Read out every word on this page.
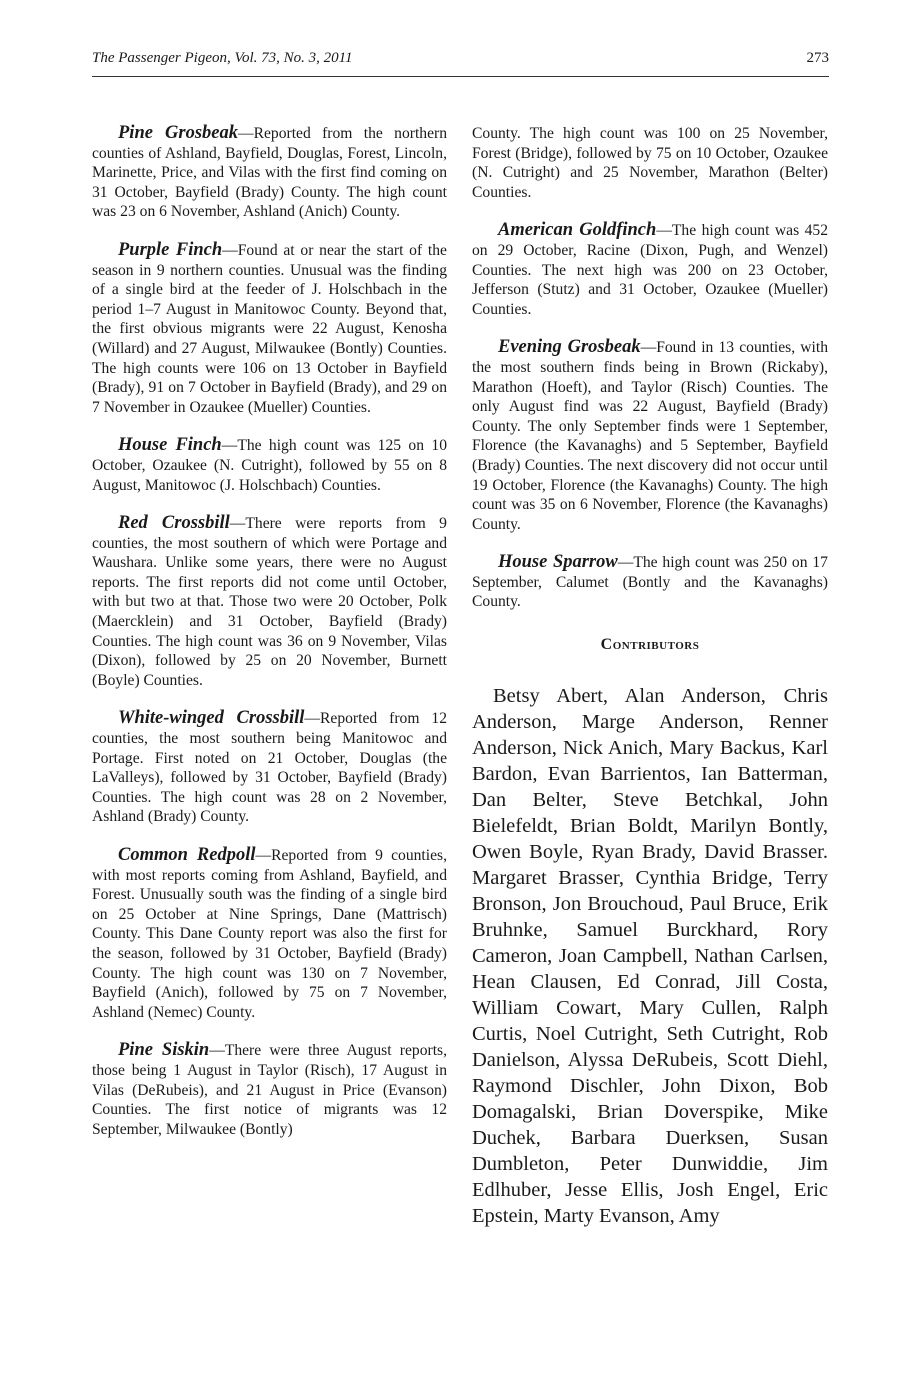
The Passenger Pigeon, Vol. 73, No. 3, 2011	273

Pine Grosbeak—Reported from the northern counties of Ashland, Bayfield, Douglas, Forest, Lincoln, Marinette, Price, and Vilas with the first find coming on 31 October, Bayfield (Brady) County. The high count was 23 on 6 November, Ashland (Anich) County.

Purple Finch—Found at or near the start of the season in 9 northern counties. Unusual was the finding of a single bird at the feeder of J. Holschbach in the period 1–7 August in Manitowoc County. Beyond that, the first obvious migrants were 22 August, Kenosha (Willard) and 27 August, Milwaukee (Bontly) Counties. The high counts were 106 on 13 October in Bayfield (Brady), 91 on 7 October in Bayfield (Brady), and 29 on 7 November in Ozaukee (Mueller) Counties.

House Finch—The high count was 125 on 10 October, Ozaukee (N. Cutright), followed by 55 on 8 August, Manitowoc (J. Holschbach) Counties.

Red Crossbill—There were reports from 9 counties, the most southern of which were Portage and Waushara. Unlike some years, there were no August reports. The first reports did not come until October, with but two at that. Those two were 20 October, Polk (Maercklein) and 31 October, Bayfield (Brady) Counties. The high count was 36 on 9 November, Vilas (Dixon), followed by 25 on 20 November, Burnett (Boyle) Counties.

White-winged Crossbill—Reported from 12 counties, the most southern being Manitowoc and Portage. First noted on 21 October, Douglas (the LaValleys), followed by 31 October, Bayfield (Brady) Counties. The high count was 28 on 2 November, Ashland (Brady) County.

Common Redpoll—Reported from 9 counties, with most reports coming from Ashland, Bayfield, and Forest. Unusually south was the finding of a single bird on 25 October at Nine Springs, Dane (Mattrisch) County. This Dane County report was also the first for the season, followed by 31 October, Bayfield (Brady) County. The high count was 130 on 7 November, Bayfield (Anich), followed by 75 on 7 November, Ashland (Nemec) County.

Pine Siskin—There were three August reports, those being 1 August in Taylor (Risch), 17 August in Vilas (DeRubeis), and 21 August in Price (Evanson) Counties. The first notice of migrants was 12 September, Milwaukee (Bontly)

County. The high count was 100 on 25 November, Forest (Bridge), followed by 75 on 10 October, Ozaukee (N. Cutright) and 25 November, Marathon (Belter) Counties.

American Goldfinch—The high count was 452 on 29 October, Racine (Dixon, Pugh, and Wenzel) Counties. The next high was 200 on 23 October, Jefferson (Stutz) and 31 October, Ozaukee (Mueller) Counties.

Evening Grosbeak—Found in 13 counties, with the most southern finds being in Brown (Rickaby), Marathon (Hoeft), and Taylor (Risch) Counties. The only August find was 22 August, Bayfield (Brady) County. The only September finds were 1 September, Florence (the Kavanaghs) and 5 September, Bayfield (Brady) Counties. The next discovery did not occur until 19 October, Florence (the Kavanaghs) County. The high count was 35 on 6 November, Florence (the Kavanaghs) County.

House Sparrow—The high count was 250 on 17 September, Calumet (Bontly and the Kavanaghs) County.

Contributors

Betsy Abert, Alan Anderson, Chris Anderson, Marge Anderson, Renner Anderson, Nick Anich, Mary Backus, Karl Bardon, Evan Barrientos, Ian Batterman, Dan Belter, Steve Betchkal, John Bielefeldt, Brian Boldt, Marilyn Bontly, Owen Boyle, Ryan Brady, David Brasser. Margaret Brasser, Cynthia Bridge, Terry Bronson, Jon Brouchoud, Paul Bruce, Erik Bruhnke, Samuel Burckhard, Rory Cameron, Joan Campbell, Nathan Carlsen, Hean Clausen, Ed Conrad, Jill Costa, William Cowart, Mary Cullen, Ralph Curtis, Noel Cutright, Seth Cutright, Rob Danielson, Alyssa DeRubeis, Scott Diehl, Raymond Dischler, John Dixon, Bob Domagalski, Brian Doverspike, Mike Duchek, Barbara Duerksen, Susan Dumbleton, Peter Dunwiddie, Jim Edlhuber, Jesse Ellis, Josh Engel, Eric Epstein, Marty Evanson, Amy
